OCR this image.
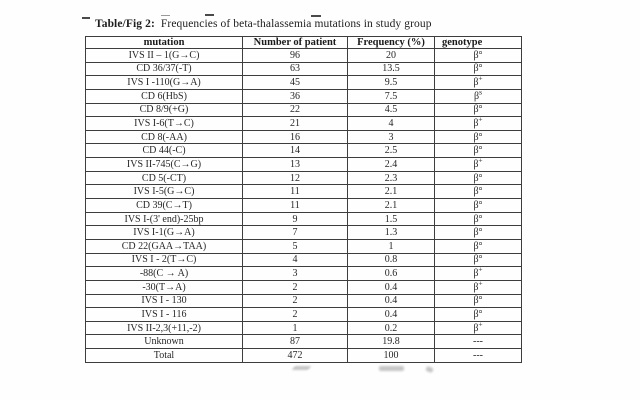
Table/Fig 2: Frequencies of beta-thalassemia mutations in study group
mutation	Number of patient	Frequency (%)	genotype
IVS II – 1(G→C)	96	20	β°
CD 36/37(-T)	63	13.5	β°
IVS I -110(G→A)	45	9.5	β+
CD 6(HbS)	36	7.5	$\beta^s$
CD 8/9(+G)	22	4.5	β°
IVS I-6(T→C)	21	4	β+
CD 8(-AA)	16	3	β°
CD 44(-C)	14	2.5	β°
IVS II-745(C→G)	13	2.4	β+
CD 5(-CT)	12	2.3	β°
IVS I-5(G→C)	11	2.1	β°
CD 39(C→T)	11	2.1	β°
IVS I-(3' end)-25bp	9	1.5	β°
IVS I-1(G→A)	7	1.3	β°
CD 22(GAA→TAA)	5	1	β°
IVS I - 2(T→C)	4	0.8	β°
-88(C → A)	3	0.6	β+
-30(T→A)	2	0.4	β+
IVS I - 130	2	0.4	β°
IVS I - 116	2	0.4	β°
IVS II-2,3(+11,-2)	1	0.2	β+
Unknown	87	19.8	---
Total	472	100	---
